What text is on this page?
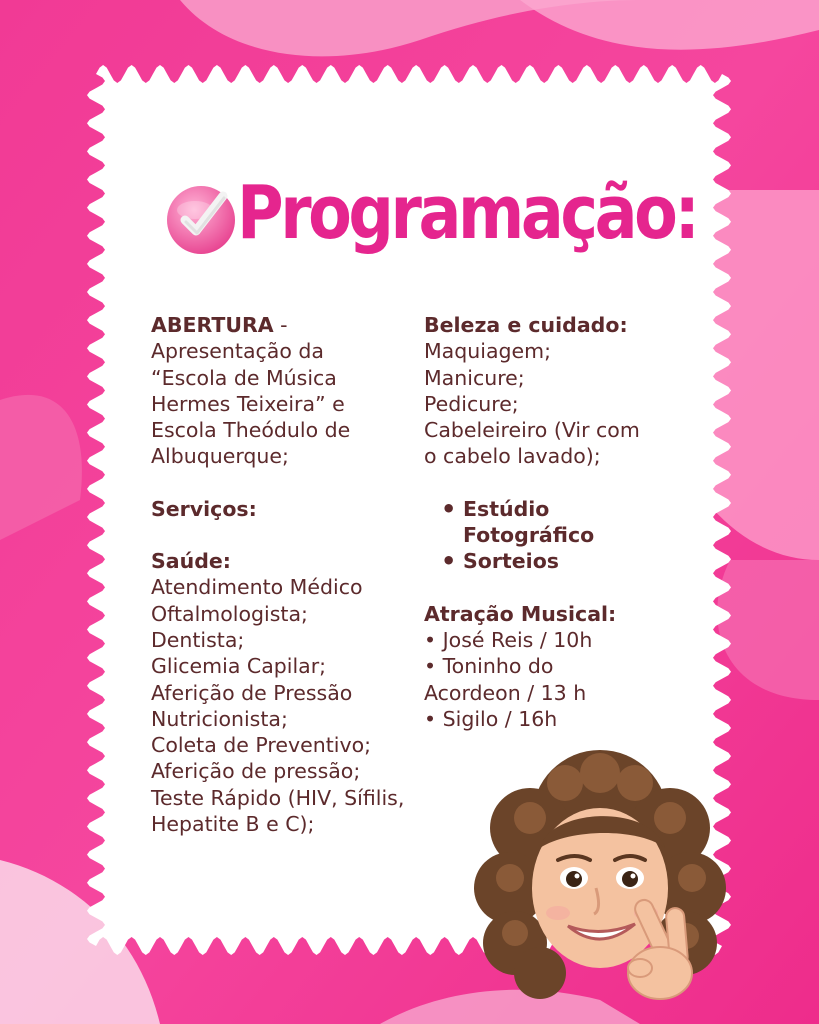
Programação:
ABERTURA -
Apresentação da
“Escola de Música
Hermes Teixeira” e
Escola Theódulo de
Albuquerque;
Serviços:
Saúde:
Atendimento Médico
Oftalmologista;
Dentista;
Glicemia Capilar;
Aferição de Pressão
Nutricionista;
Coleta de Preventivo;
Aferição de pressão;
Teste Rápido (HIV, Sífilis,
Hepatite B e C);
Beleza e cuidado:
Maquiagem;
Manicure;
Pedicure;
Cabeleireiro (Vir com
o cabelo lavado);
• Estúdio Fotográfico
• Sorteios
Atração Musical:
• José Reis / 10h
• Toninho do
Acordeon / 13 h
• Sigilo / 16h
